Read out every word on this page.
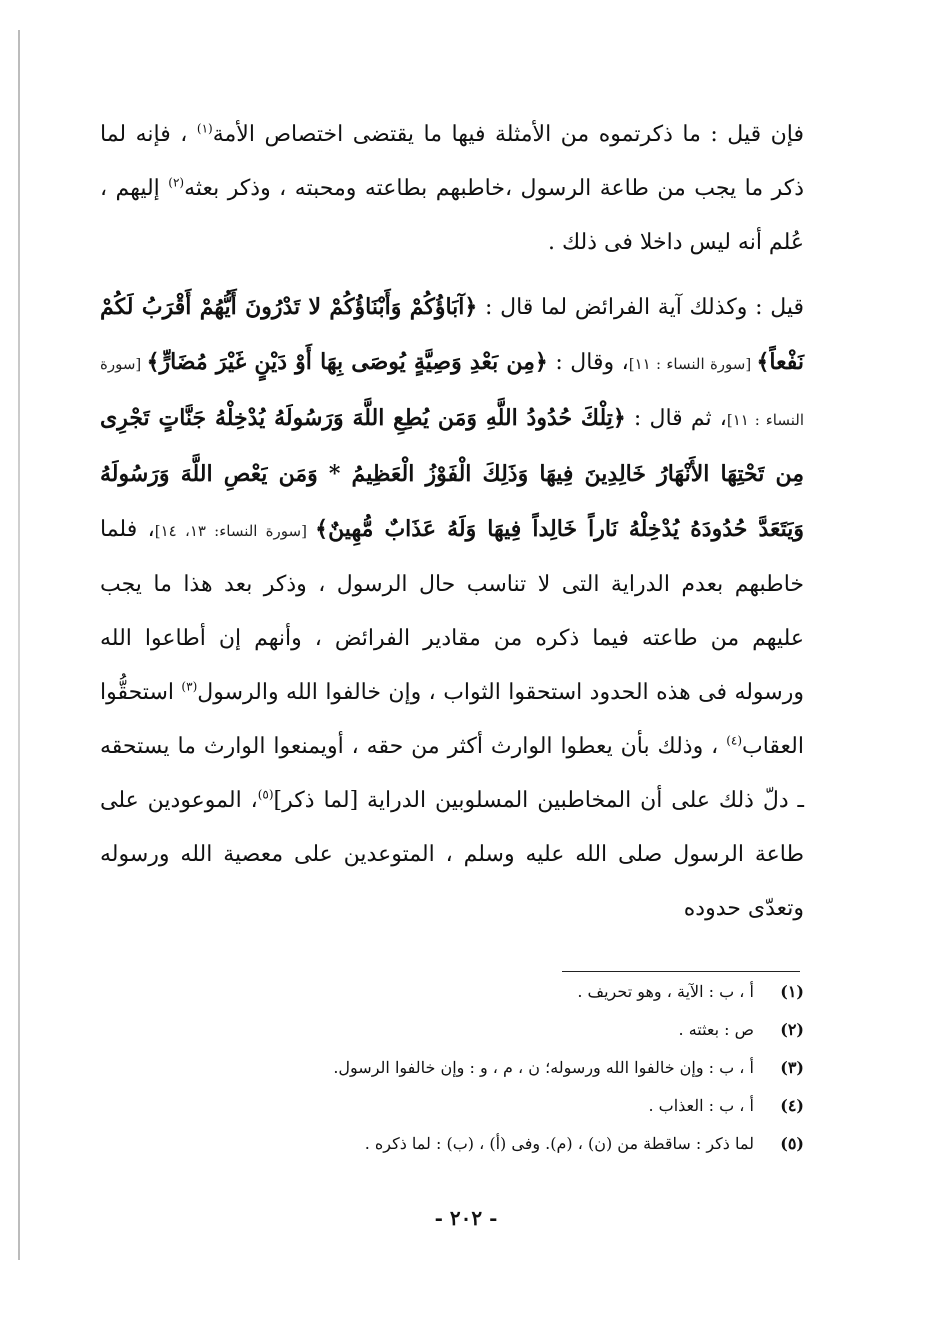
فإن قيل : ما ذكرتموه من الأمثلة فيها ما يقتضى اختصاص الأمة$^{(١)}$ ، فإنه لما ذكر ما يجب من طاعة الرسول ،خاطبهم بطاعته ومحبته ، وذكر بعثه$^{(٢)}$ إليهم ، عُلم أنه ليس داخلا فى ذلك .

قيل : وكذلك آية الفرائض لما قال : ﴿آبَاؤُكُمْ وَأَبْنَاؤُكُمْ لا تَدْرُونَ أَيُّهُمْ أَقْرَبُ لَكُمْ نَفْعاً﴾ [سورة النساء : ١١]، وقال : ﴿مِن بَعْدِ وَصِيَّةٍ يُوصَى بِهَا أَوْ دَيْنٍ غَيْرَ مُضَارٍّ﴾ [سورة النساء : ١١]، ثم قال : ﴿تِلْكَ حُدُودُ اللَّهِ وَمَن يُطِعِ اللَّهَ وَرَسُولَهُ يُدْخِلْهُ جَنَّاتٍ تَجْرِى مِن تَحْتِهَا الأَنْهَارُ خَالِدِينَ فِيهَا وَذَلِكَ الْفَوْزُ الْعَظِيمُ * وَمَن يَعْصِ اللَّهَ وَرَسُولَهُ وَيَتَعَدَّ حُدُودَهُ يُدْخِلْهُ نَاراً خَالِداً فِيهَا وَلَهُ عَذَابٌ مُّهِينٌ﴾ [سورة النساء: ١٣، ١٤]، فلما خاطبهم بعدم الدراية التى لا تناسب حال الرسول ، وذكر بعد هذا ما يجب عليهم من طاعته فيما ذكره من مقادير الفرائض ، وأنهم إن أطاعوا الله ورسوله فى هذه الحدود استحقوا الثواب ، وإن خالفوا الله والرسول$^{(٣)}$ استحقُّوا العقاب$^{(٤)}$ ، وذلك بأن يعطوا الوارث أكثر من حقه ، أويمنعوا الوارث ما يستحقه ـ دلّ ذلك على أن المخاطبين المسلوبين الدراية [لما ذكر]$^{(٥)}$، الموعودين على طاعة الرسول صلى الله عليه وسلم ، المتوعدين على معصية الله ورسوله وتعدّى حدوده

(١)
أ ، ب : الآية ، وهو تحريف .
(٢)
ص : بعثته .
(٣)
أ ، ب : وإن خالفوا الله ورسوله؛ ن ، م ، و : وإن خالفوا الرسول.
(٤)
أ ، ب : العذاب .
(٥)
لما ذكر : ساقطة من (ن) ، (م). وفى (أ) ، (ب) : لما ذكره .
- ٢٠٢ -
